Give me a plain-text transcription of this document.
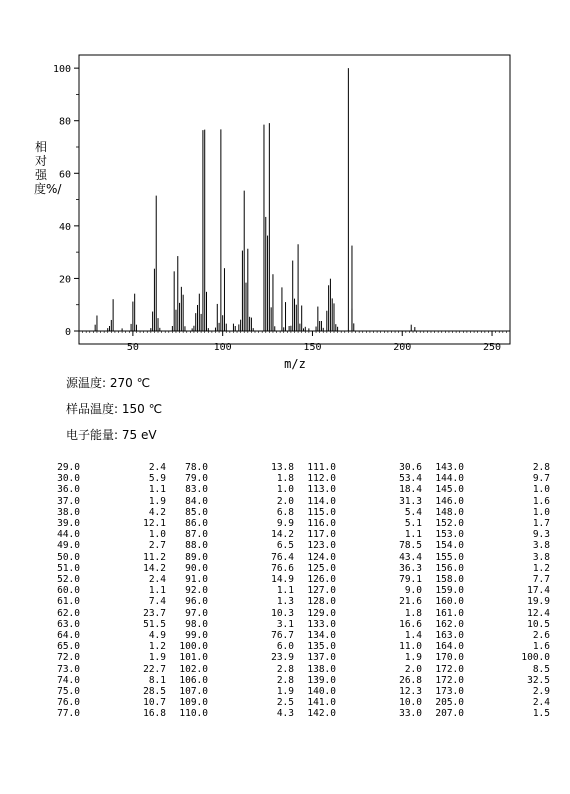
50	100	150	200	250
0
20
40
60
80
100
m/z
相对强度%/
源温度: 270 ℃
样品温度: 150 ℃
电子能量: 75 eV
29.0	2.4		78.0	13.8		111.0	30.6		143.0	2.8
30.0	5.9		79.0	1.8		112.0	53.4		144.0	9.7
36.0	1.1		83.0	1.0		113.0	18.4		145.0	1.0
37.0	1.9		84.0	2.0		114.0	31.3		146.0	1.6
38.0	4.2		85.0	6.8		115.0	5.4		148.0	1.0
39.0	12.1		86.0	9.9		116.0	5.1		152.0	1.7
44.0	1.0		87.0	14.2		117.0	1.1		153.0	9.3
49.0	2.7		88.0	6.5		123.0	78.5		154.0	3.8
50.0	11.2		89.0	76.4		124.0	43.4		155.0	3.8
51.0	14.2		90.0	76.6		125.0	36.3		156.0	1.2
52.0	2.4		91.0	14.9		126.0	79.1		158.0	7.7
60.0	1.1		92.0	1.1		127.0	9.0		159.0	17.4
61.0	7.4		96.0	1.3		128.0	21.6		160.0	19.9
62.0	23.7		97.0	10.3		129.0	1.8		161.0	12.4
63.0	51.5		98.0	3.1		133.0	16.6		162.0	10.5
64.0	4.9		99.0	76.7		134.0	1.4		163.0	2.6
65.0	1.2		100.0	6.0		135.0	11.0		164.0	1.6
72.0	1.9		101.0	23.9		137.0	1.9		170.0	100.0
73.0	22.7		102.0	2.8		138.0	2.0		172.0	8.5
74.0	8.1		106.0	2.8		139.0	26.8		172.0	32.5
75.0	28.5		107.0	1.9		140.0	12.3		173.0	2.9
76.0	10.7		109.0	2.5		141.0	10.0		205.0	2.4
77.0	16.8		110.0	4.3		142.0	33.0		207.0	1.5
